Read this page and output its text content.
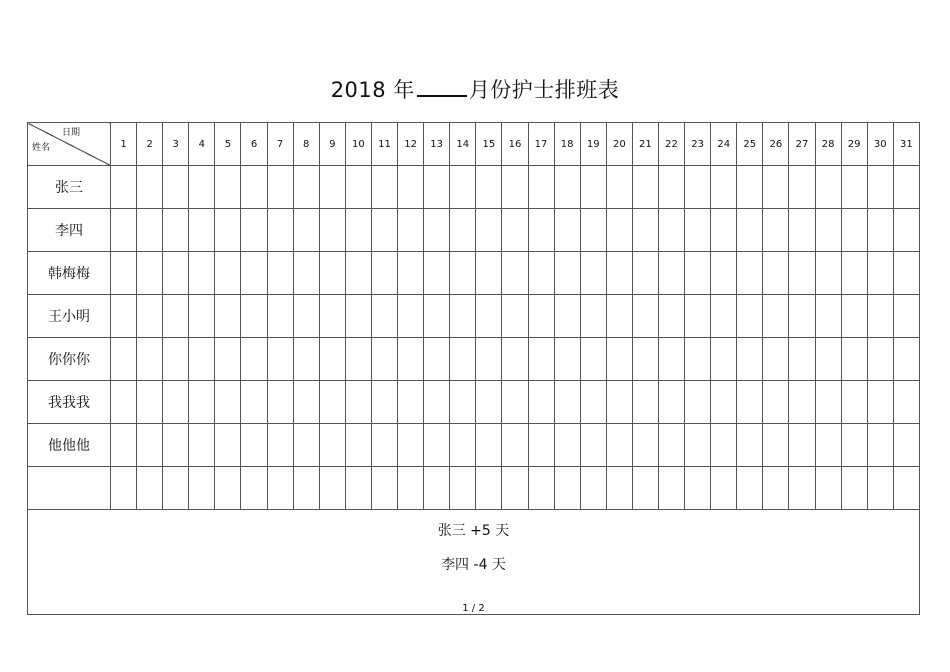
2018 年	月份护士排班表
日期
姓名	1	2	3	4	5	6	7	8	9	10	11	12	13	14	15	16	17	18	19	20	21	22	23	24	25	26	27	28	29	30	31
张三																															
李四																															
韩梅梅																															
王小明																															
你你你																															
我我我																															
他他他																															

张三 +5 天
李四 -4 天
1 / 2																															
